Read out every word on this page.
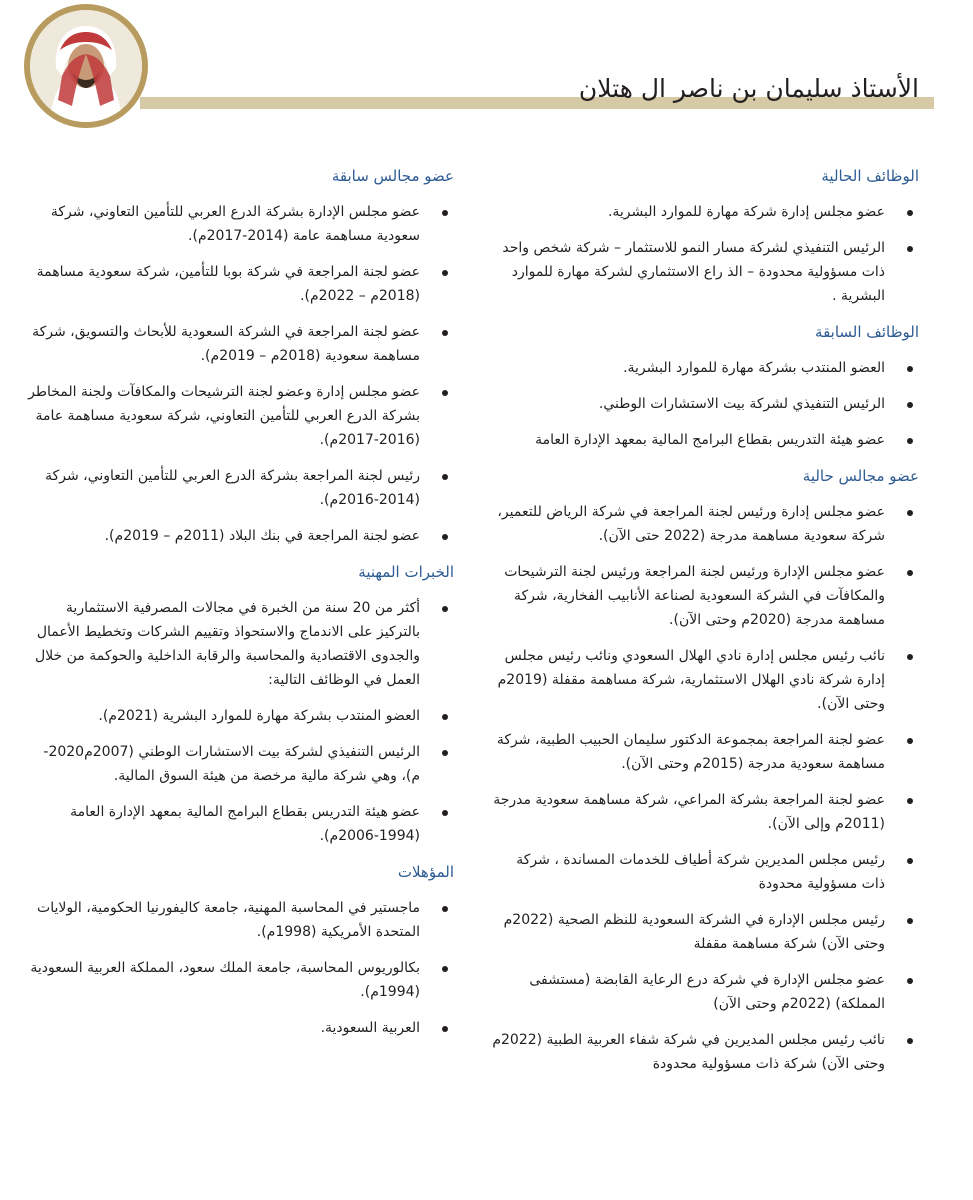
الأستاذ سليمان بن ناصر ال هتلان
الوظائف الحالية
عضو مجلس إدارة شركة مهارة للموارد البشرية.
الرئيس التنفيذي لشركة مسار النمو للاستثمار – شركة شخص واحد ذات مسؤولية محدودة – الذ راع الاستثماري لشركة مهارة للموارد البشرية .
الوظائف السابقة
العضو المنتدب بشركة مهارة للموارد البشرية.
الرئيس التنفيذي لشركة بيت الاستشارات الوطني.
عضو هيئة التدريس بقطاع البرامج المالية بمعهد الإدارة العامة
عضو مجالس حالية
عضو مجلس إدارة ورئيس لجنة المراجعة في شركة الرياض للتعمير، شركة سعودية مساهمة مدرجة (2022 حتى الآن).
عضو مجلس الإدارة ورئيس لجنة المراجعة ورئيس لجنة الترشيحات والمكافآت في الشركة السعودية لصناعة الأنابيب الفخارية، شركة مساهمة مدرجة (2020م وحتى الآن).
نائب رئيس مجلس إدارة نادي الهلال السعودي ونائب رئيس مجلس إدارة شركة نادي الهلال الاستثمارية، شركة مساهمة مقفلة (2019م وحتى الآن).
عضو لجنة المراجعة بمجموعة الدكتور سليمان الحبيب الطبية، شركة مساهمة سعودية مدرجة (2015م وحتى الآن).
عضو لجنة المراجعة بشركة المراعي، شركة مساهمة سعودية مدرجة (2011م وإلى الآن).
رئيس مجلس المديرين شركة أطياف للخدمات المساندة ، شركة ذات مسؤولية محدودة
رئيس مجلس الإدارة في الشركة السعودية للنظم الصحية (2022م وحتى الآن) شركة مساهمة مقفلة
عضو مجلس الإدارة في شركة درع الرعاية القابضة (مستشفى المملكة) (2022م وحتى الآن)
نائب رئيس مجلس المديرين في شركة شفاء العربية الطبية (2022م وحتى الآن) شركة ذات مسؤولية محدودة
عضو مجالس سابقة
عضو مجلس الإدارة بشركة الدرع العربي للتأمين التعاوني، شركة سعودية مساهمة عامة (2014-2017م).
عضو لجنة المراجعة في شركة بوبا للتأمين، شركة سعودية مساهمة (2018م – 2022م).
عضو لجنة المراجعة في الشركة السعودية للأبحاث والتسويق، شركة مساهمة سعودية (2018م – 2019م).
عضو مجلس إدارة وعضو لجنة الترشيحات والمكافآت ولجنة المخاطر بشركة الدرع العربي للتأمين التعاوني، شركة سعودية مساهمة عامة (2016-2017م).
رئيس لجنة المراجعة بشركة الدرع العربي للتأمين التعاوني، شركة (2014-2016م).
عضو لجنة المراجعة في بنك البلاد (2011م – 2019م).
الخبرات المهنية
أكثر من 20 سنة من الخبرة في مجالات المصرفية الاستثمارية بالتركيز على الاندماج والاستحواذ وتقييم الشركات وتخطيط الأعمال والجدوى الاقتصادية والمحاسبة والرقابة الداخلية والحوكمة من خلال العمل في الوظائف التالية:
العضو المنتدب بشركة مهارة للموارد البشرية (2021م).
الرئيس التنفيذي لشركة بيت الاستشارات الوطني (2007م2020-م)، وهي شركة مالية مرخصة من هيئة السوق المالية.
عضو هيئة التدريس بقطاع البرامج المالية بمعهد الإدارة العامة (1994-2006م).
المؤهلات
ماجستير في المحاسبة المهنية، جامعة كاليفورنيا الحكومية، الولايات المتحدة الأمريكية (1998م).
بكالوريوس المحاسبة، جامعة الملك سعود، المملكة العربية السعودية (1994م).
العربية السعودية.
